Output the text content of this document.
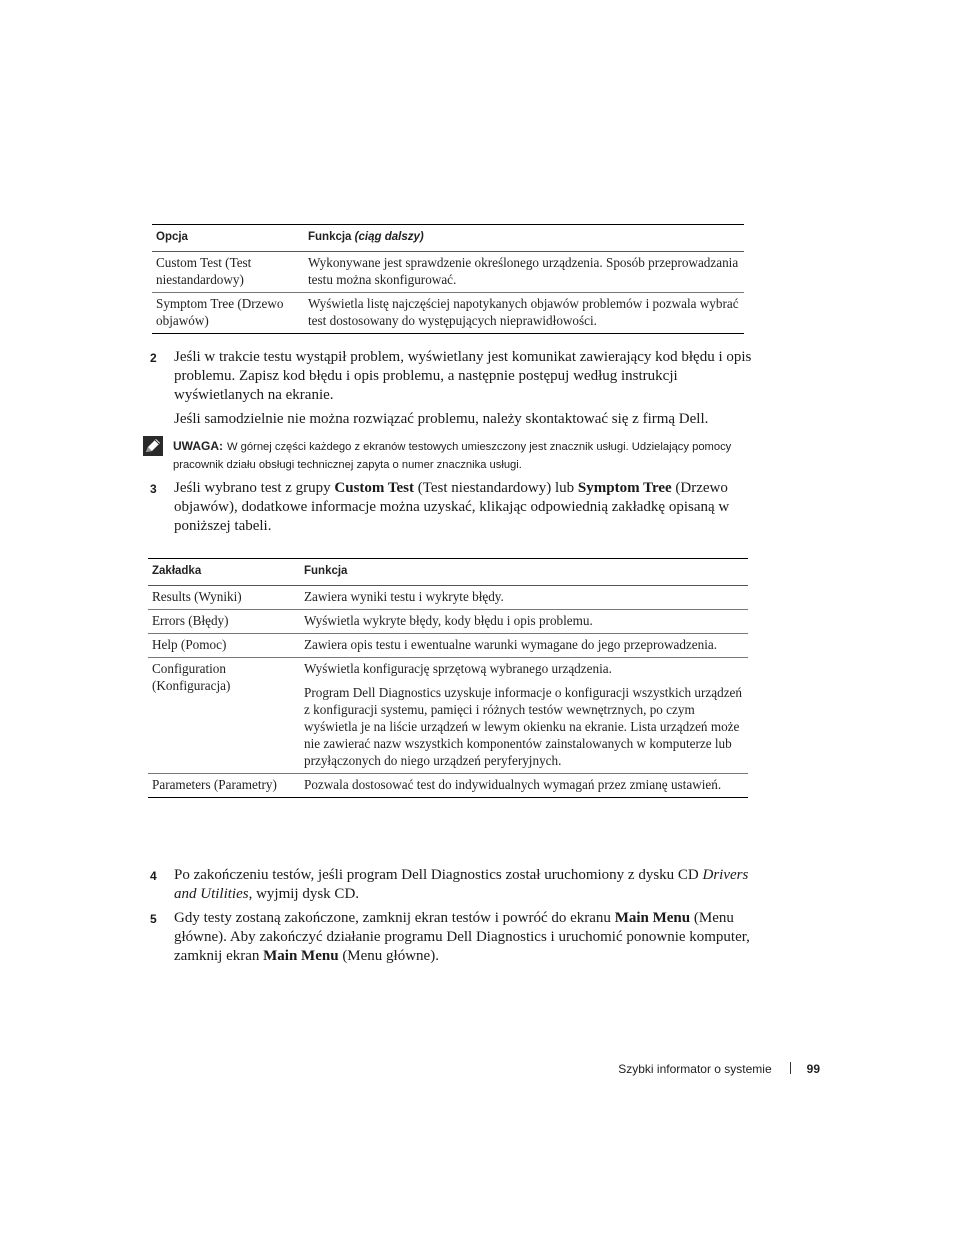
Opcja	Funkcja (ciąg dalszy)
Custom Test (Test niestandardowy)	Wykonywane jest sprawdzenie określonego urządzenia. Sposób przeprowadzania testu można skonfigurować.
Symptom Tree (Drzewo objawów)	Wyświetla listę najczęściej napotykanych objawów problemów i pozwala wybrać test dostosowany do występujących nieprawidłowości.
2 Jeśli w trakcie testu wystąpił problem, wyświetlany jest komunikat zawierający kod błędu i opis problemu. Zapisz kod błędu i opis problemu, a następnie postępuj według instrukcji wyświetlanych na ekranie.
Jeśli samodzielnie nie można rozwiązać problemu, należy skontaktować się z firmą Dell.
UWAGA: W górnej części każdego z ekranów testowych umieszczony jest znacznik usługi. Udzielający pomocy pracownik działu obsługi technicznej zapyta o numer znacznika usługi.
3 Jeśli wybrano test z grupy Custom Test (Test niestandardowy) lub Symptom Tree (Drzewo objawów), dodatkowe informacje można uzyskać, klikając odpowiednią zakładkę opisaną w poniższej tabeli.
Zakładka	Funkcja
Results (Wyniki)	Zawiera wyniki testu i wykryte błędy.
Errors (Błędy)	Wyświetla wykryte błędy, kody błędu i opis problemu.
Help (Pomoc)	Zawiera opis testu i ewentualne warunki wymagane do jego przeprowadzenia.
Configuration (Konfiguracja)	Wyświetla konfigurację sprzętową wybranego urządzenia.

Program Dell Diagnostics uzyskuje informacje o konfiguracji wszystkich urządzeń z konfiguracji systemu, pamięci i różnych testów wewnętrznych, po czym wyświetla je na liście urządzeń w lewym okienku na ekranie. Lista urządzeń może nie zawierać nazw wszystkich komponentów zainstalowanych w komputerze lub przyłączonych do niego urządzeń peryferyjnych.

Parameters (Parametry)	Pozwala dostosować test do indywidualnych wymagań przez zmianę ustawień.
4 Po zakończeniu testów, jeśli program Dell Diagnostics został uruchomiony z dysku CD Drivers and Utilities, wyjmij dysk CD.
5 Gdy testy zostaną zakończone, zamknij ekran testów i powróć do ekranu Main Menu (Menu główne). Aby zakończyć działanie programu Dell Diagnostics i uruchomić ponownie komputer, zamknij ekran Main Menu (Menu główne).
Szybki informator o systemie	99
